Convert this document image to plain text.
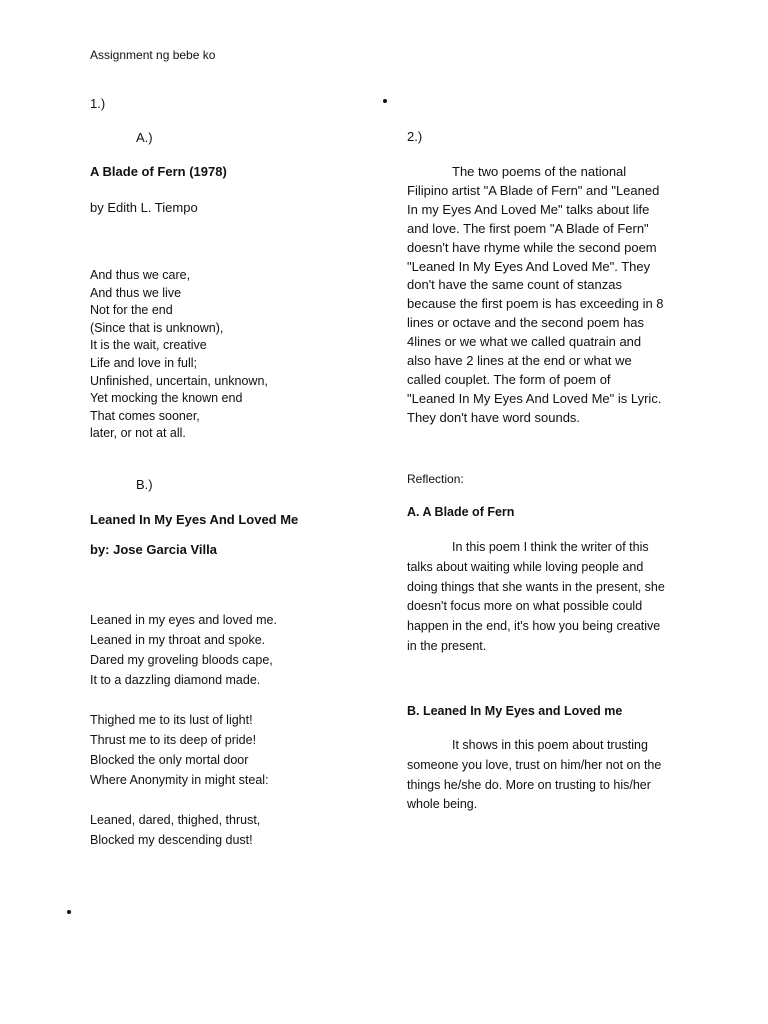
Assignment ng bebe ko
1.)
A.)
A Blade of Fern (1978)
by Edith L. Tiempo
And thus we care,
And thus we live
Not for the end
(Since that is unknown),
It is the wait, creative
Life and love in full;
Unfinished, uncertain, unknown,
Yet mocking the known end
That comes sooner,
later, or not at all.
B.)
Leaned In My Eyes And Loved Me
by: Jose Garcia Villa
Leaned in my eyes and loved me.
Leaned in my throat and spoke.
Dared my groveling bloods cape,
It to a dazzling diamond made.
Thighed me to its lust of light!
Thrust me to its deep of pride!
Blocked the only mortal door
Where Anonymity in might steal:
Leaned, dared, thighed, thrust,
Blocked my descending dust!
2.)
The two poems of the national
Filipino artist "A Blade of Fern" and "Leaned
In my Eyes And Loved Me" talks about life
and love. The first poem "A Blade of Fern"
doesn't have rhyme while the second poem
"Leaned In My Eyes And Loved Me". They
don't have the same count of stanzas
because the first poem is has exceeding in 8
lines or octave and the second poem has
4lines or we what we called quatrain and
also have 2 lines at the end or what we
called couplet. The form of poem of
"Leaned In My Eyes And Loved Me" is Lyric.
They don't have word sounds.
Reflection:
A. A Blade of Fern
In this poem I think the writer of this
talks about waiting while loving people and
doing things that she wants in the present, she
doesn't focus more on what possible could
happen in the end, it's how you being creative
in the present.
B. Leaned In My Eyes and Loved me
It shows in this poem about trusting
someone you love, trust on him/her not on the
things he/she do. More on trusting to his/her
whole being.
